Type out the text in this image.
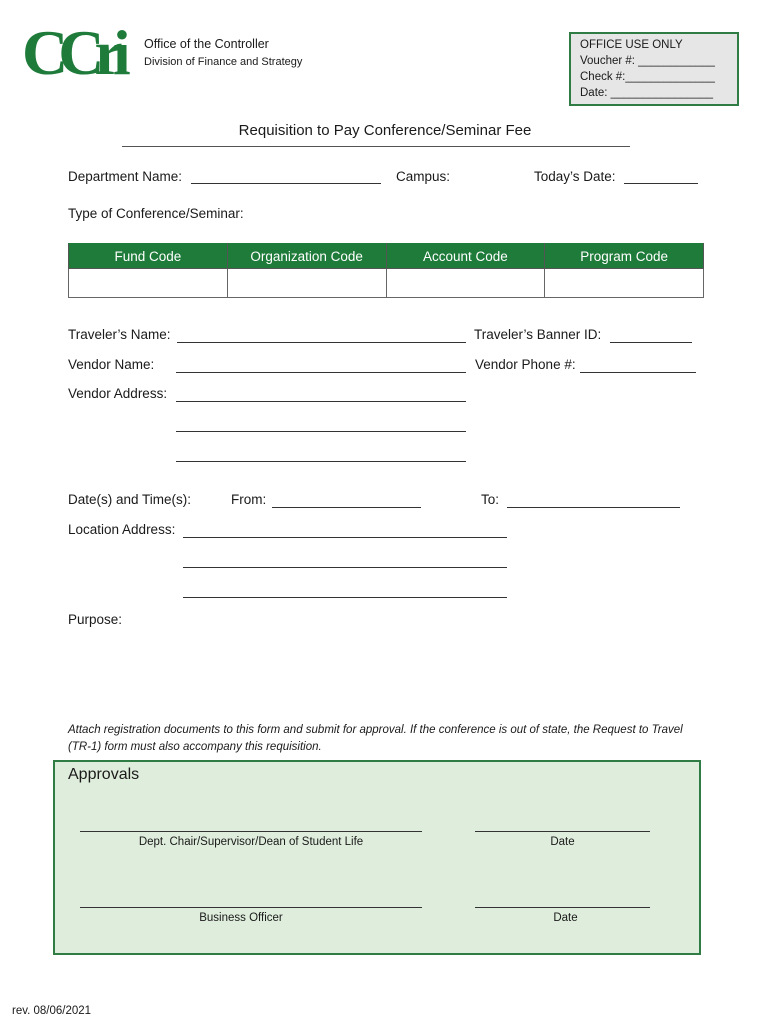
CCri	Office of the Controller
Division of Finance and Strategy
OFFICE USE ONLY
Voucher #: ____________
Check #:______________
Date: ________________
Requisition to Pay Conference/Seminar Fee
Department Name:	Campus:	Today’s Date:
Type of Conference/Seminar:
Fund Code	Organization Code	Account Code	Program Code

Traveler’s Name:	Traveler’s Banner ID:
Vendor Name:	Vendor Phone #:
Vendor Address:
Date(s) and Time(s):	From:	To:
Location Address:
Purpose:
Attach registration documents to this form and submit for approval. If the conference is out of state, the Request to Travel (TR-1) form must also accompany this requisition.
Approvals
Dept. Chair/Supervisor/Dean of Student Life	Date
Business Officer	Date
rev. 08/06/2021
